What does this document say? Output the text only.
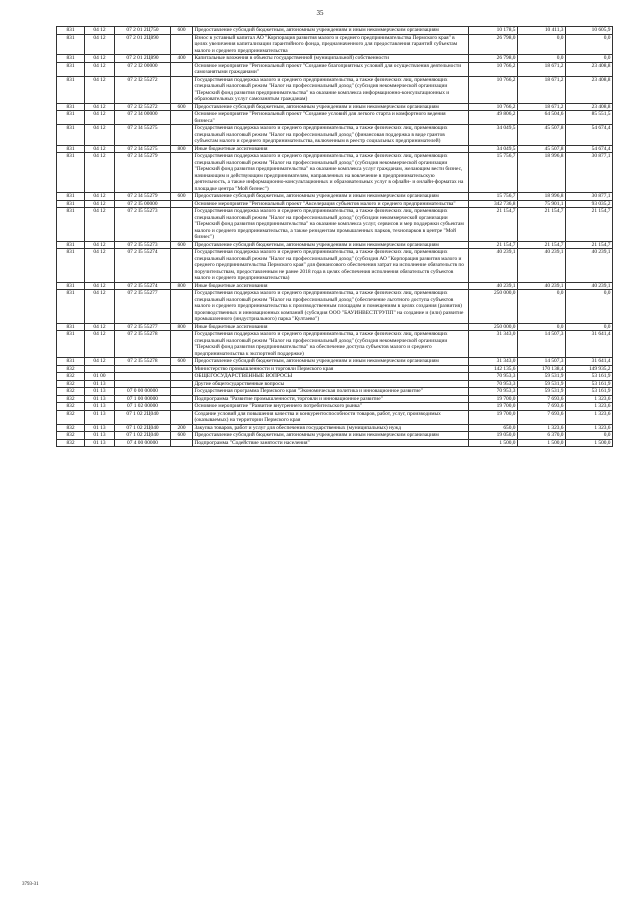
35
831	04 12	07 2 01 2Ц750	600	Предоставление субсидий бюджетным, автономным учреждениям и иным некоммерческим организациям	10 178,5	10 411,3	10 605,9
831	04 12	07 2 01 2Ц890		Взнос в уставный капитал АО "Корпорация развития малого и среднего предпринимательства Пермского края" в целях увеличения капитализации гарантийного фонда, предназначенного для предоставления гарантий субъектам малого и среднего предпринимательства	26 798,0	0,0	0,0
831	04 12	07 2 01 2Ц890	400	Капитальные вложения в объекты государственной (муниципальной) собственности	26 798,0	0,0	0,0
831	04 12	07 2 I2 00000		Основное мероприятие "Региональный проект "Создание благоприятных условий для осуществления деятельности самозанятыми гражданами"	10 766,2	18 671,2	23 408,8
831	04 12	07 2 I2 55272		Государственная поддержка малого и среднего предпринимательства, а также физических лиц, применяющих специальный налоговый режим "Налог на профессиональный доход" (субсидия некоммерческой организации "Пермский фонд развития предпринимательства" на оказание комплекса информационно-консультационных и образовательных услуг самозанятым гражданам)	10 766,2	18 671,2	23 408,8
831	04 12	07 2 I2 55272	600	Предоставление субсидий бюджетным, автономным учреждениям и иным некоммерческим организациям	10 766,2	18 671,2	23 408,8
831	04 12	07 2 I4 00000		Основное мероприятие "Региональный проект "Создание условий для легкого старта и комфортного ведения бизнеса"	49 806,2	64 504,6	85 551,5
831	04 12	07 2 I4 55275		Государственная поддержка малого и среднего предпринимательства, а также физических лиц, применяющих специальный налоговый режим "Налог на профессиональный доход" (финансовая поддержка в виде грантов субъектам малого и среднего предпринимательства, включенным в реестр социальных предпринимателей)	34 049,5	45 507,8	54 674,4
831	04 12	07 2 I4 55275	800	Иные бюджетные ассигнования	34 049,5	45 507,8	54 674,4
831	04 12	07 2 I4 55279		Государственная поддержка малого и среднего предпринимательства, а также физических лиц, применяющих специальный налоговый режим "Налог на профессиональный доход" (субсидия некоммерческой организации "Пермский фонд развития предпринимательства" на оказание комплекса услуг гражданам, желающим вести бизнес, начинающим и действующим предпринимателям, направленных на вовлечение в предпринимательскую деятельность, а также информационно-консультационных и образовательных услуг в офлайн- и онлайн-форматах на площадке центра "Мой бизнес")	15 756,7	18 996,8	30 877,1
831	04 12	07 2 I4 55279	600	Предоставление субсидий бюджетным, автономным учреждениям и иным некоммерческим организациям	15 756,7	18 996,8	30 877,1
831	04 12	07 2 I5 00000		Основное мероприятие "Региональный проект "Акселерация субъектов малого и среднего предпринимательства"	342 736,8	75 901,1	93 035,2
831	04 12	07 2 I5 55273		Государственная поддержка малого и среднего предпринимательства, а также физических лиц, применяющих специальный налоговый режим "Налог на профессиональный доход" (субсидии некоммерческой организации "Пермский фонд развития предпринимательства" на оказание комплекса услуг, сервисов и мер поддержки субъектам малого и среднего предпринимательства, а также резидентам промышленных парков, технопарков в центре "Мой бизнес")	21 154,7	21 154,7	21 154,7
831	04 12	07 2 I5 55273	600	Предоставление субсидий бюджетным, автономным учреждениям и иным некоммерческим организациям	21 154,7	21 154,7	21 154,7
831	04 12	07 2 I5 55274		Государственная поддержка малого и среднего предпринимательства, а также физических лиц, применяющих специальный налоговый режим "Налог на профессиональный доход" (субсидия АО "Корпорация развития малого и среднего предпринимательства Пермского края" для финансового обеспечения затрат на исполнение обязательств по поручительствам, предоставленным не ранее 2018 года в целях обеспечения исполнения обязательств субъектов малого и среднего предпринимательства)	40 239,1	40 239,1	40 239,1
831	04 12	07 2 I5 55274	800	Иные бюджетные ассигнования	40 239,1	40 239,1	40 239,1
831	04 12	07 2 I5 55277		Государственная поддержка малого и среднего предпринимательства, а также физических лиц, применяющих специальный налоговый режим "Налог на профессиональный доход" (обеспечение льготного доступа субъектов малого и среднего предпринимательства к производственным площадям и помещениям в целях создания (развития) производственных и инновационных компаний (субсидия ООО "БАУИНВЕСТГРУПП" на создание и (или) развитие промышленного (индустриального) парка "Култаево")	250 000,0	0,0	0,0
831	04 12	07 2 I5 55277	800	Иные бюджетные ассигнования	250 000,0	0,0	0,0
831	04 12	07 2 I5 55278		Государственная поддержка малого и среднего предпринимательства, а также физических лиц, применяющих специальный налоговый режим "Налог на профессиональный доход" (субсидия некоммерческой организации "Пермский фонд развития предпринимательства" на обеспечение доступа субъектов малого и среднего предпринимательства к экспортной поддержке)	31 343,0	14 507,3	31 641,4
831	04 12	07 2 I5 55278	600	Предоставление субсидий бюджетным, автономным учреждениям и иным некоммерческим организациям	31 343,0	14 507,3	31 641,4
832				Министерство промышленности и торговли Пермского края	142 135,6	170 138,4	149 935,2
832	01 00			ОБЩЕГОСУДАРСТВЕННЫЕ ВОПРОСЫ	70 953,3	59 531,9	53 161,9
832	01 13			Другие общегосударственные вопросы	70 953,3	59 531,9	53 161,9
832	01 13	07 0 00 00000		Государственная программа Пермского края "Экономическая политика и инновационное развитие"	70 953,3	59 531,9	53 161,9
832	01 13	07 1 00 00000		Подпрограмма "Развитие промышленности, торговли и инновационное развитие"	19 700,0	7 693,6	1 323,6
832	01 13	07 1 02 00000		Основное мероприятие "Развитие внутреннего потребительского рынка"	19 700,0	7 693,6	1 323,6
832	01 13	07 1 02 2Ц040		Создание условий для повышения качества и конкурентоспособности товаров, работ, услуг, производимых (оказываемых) на территории Пермского края	19 700,0	7 693,6	1 323,6
832	01 13	07 1 02 2Ц040	200	Закупка товаров, работ и услуг для обеспечения государственных (муниципальных) нужд	650,0	1 323,6	1 323,6
832	01 13	07 1 02 2Ц040	600	Предоставление субсидий бюджетным, автономным учреждениям и иным некоммерческим организациям	19 050,0	6 370,0	0,0
832	01 13	07 4 00 00000		Подпрограмма "Содействие занятости населения"	1 500,0	1 500,0	1 500,0
3793-31
